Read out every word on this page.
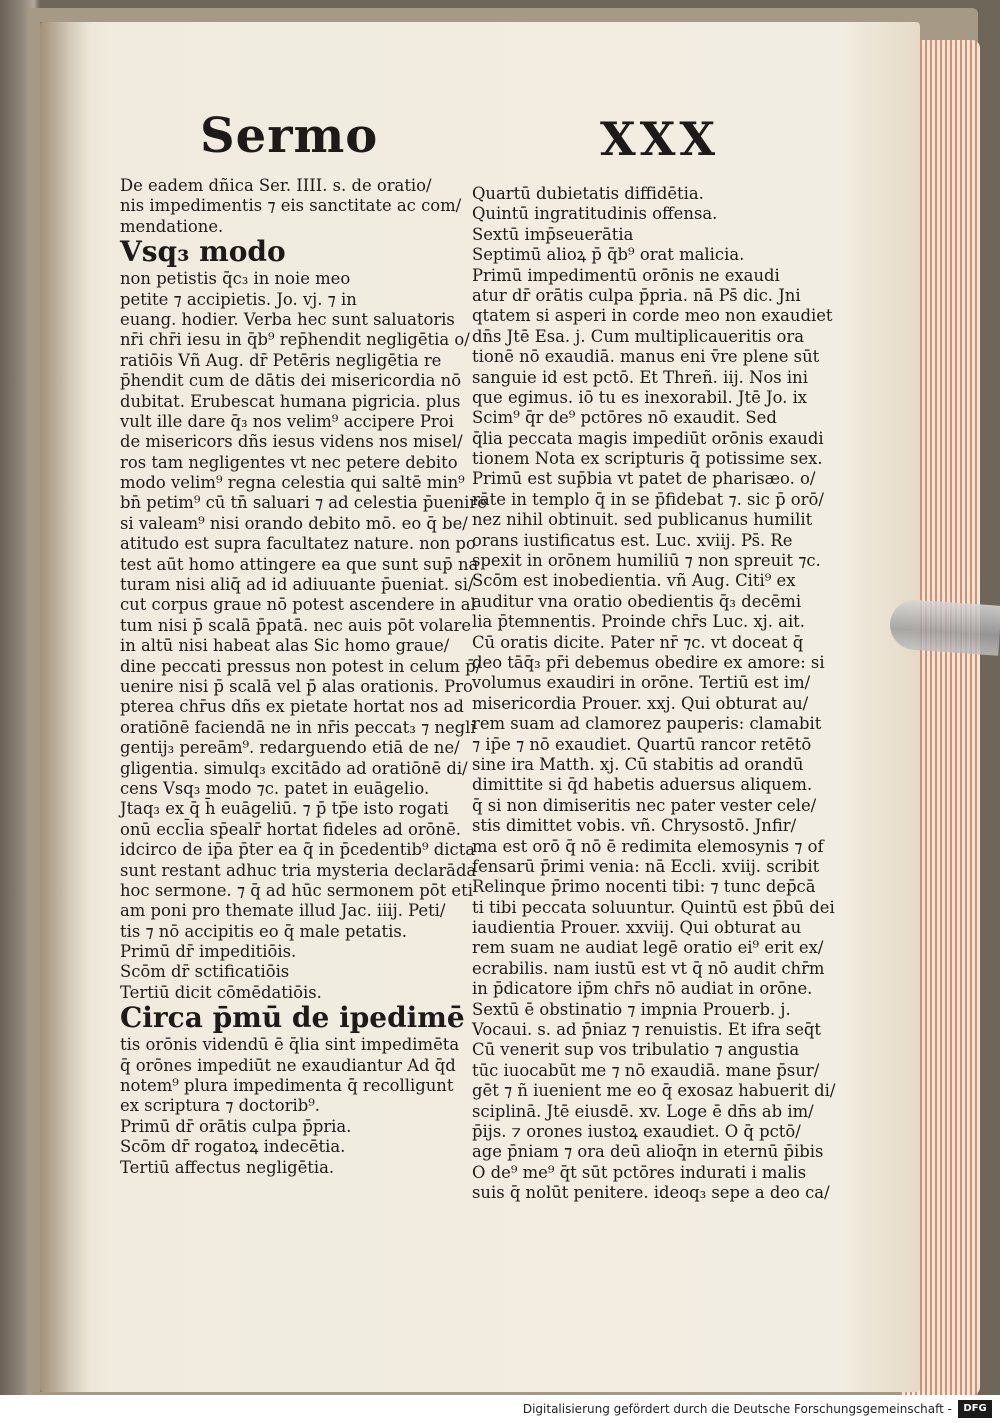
Sermo	XXX
De eadem dñica Ser. IIII. s. de oratio/
nis impedimentis ⁊ eis sanctitate ac com/
mendatione.
Vsq₃ modo
non petistis q̄c₃ in noie meo
petite ⁊ accipietis. Jo. vj. ⁊ in
euang. hodier. Verba hec sunt saluatoris
nr̄i chr̄i iesu in q̄b⁹ rep̄hendit negligētia o/
ratiōis Vñ Aug. dr̄ Petēris negligētia re
p̄hendit cum de dātis dei misericordia nō
dubitat. Erubescat humana pigricia. plus
vult ille dare q̄₃ nos velim⁹ accipere Proi
de misericors dñs iesus videns nos misel/
ros tam negligentes vt nec petere debito
modo velim⁹ regna celestia qui saltē min⁹
bn̄ petim⁹ cū tn̄ saluari ⁊ ad celestia p̄uenire
si valeam⁹ nisi orando debito mō. eo q̄ be/
atitudo est supra facultatez nature. non po
test aūt homo attingere ea que sunt sup̄ na
turam nisi aliq̄ ad id adiuuante p̄ueniat. si/
cut corpus graue nō potest ascendere in al
tum nisi p̄ scalā p̄patā. nec auis pōt volare
in altū nisi habeat alas Sic homo graue/
dine peccati pressus non potest in celum p̄/
uenire nisi p̄ scalā vel p̄ alas orationis. Pro
pterea chr̄us dñs ex pietate hortat nos ad
oratiōnē faciendā ne in nr̄is peccat₃ ⁊ negli
gentij₃ pereām⁹. redarguendo etiā de ne/
gligentia. simulq₃ excitādo ad oratiōnē di/
cens Vsq₃ modo ⁊c. patet in euāgelio.
Jtaq₃ ex q̄ h̄ euāgeliū. ⁊ p̄ tp̄e isto rogati
onū eccl̄ia sp̄ealr̄ hortat fideles ad orōnē.
idcirco de ip̄a p̄ter ea q̄ in p̄cedentib⁹ dicta
sunt restant adhuc tria mysteria declarāda
hoc sermone. ⁊ q̄ ad hūc sermonem pōt eti
am poni pro themate illud Jac. iiij. Peti/
tis ⁊ nō accipitis eo q̄ male petatis.
Primū dr̄ impeditiōis.
Scōm dr̄ sctificatiōis
Tertiū dicit cōmēdatiōis.
Circa p̄mū de ipedimē
tis orōnis videndū ē q̄lia sint impedimēta
q̄ orōnes impediūt ne exaudiantur Ad q̄d
notem⁹ plura impedimenta q̄ recolligunt
ex scriptura ⁊ doctorib⁹.
Primū dr̄ orātis culpa p̄pria.
Scōm dr̄ rogatoꝝ indecētia.
Tertiū affectus negligētia.
Quartū dubietatis diffidētia.
Quintū ingratitudinis offensa.
Sextū imp̄seuerātia
Septimū alioꝝ p̄ q̄b⁹ orat malicia.
Primū impedimentū orōnis ne exaudi
atur dr̄ orātis culpa p̄pria. nā Ps̄ dic. Jni
qtatem si asperi in corde meo non exaudiet
dn̄s Jtē Esa. j. Cum multiplicaueritis ora
tionē nō exaudiā. manus eni v̄re plene sūt
sanguie id est pctō. Et Threñ. iij. Nos ini
que egimus. iō tu es inexorabil. Jtē Jo. ix
Scim⁹ q̄r de⁹ pctōres nō exaudit. Sed
q̄lia peccata magis impediūt orōnis exaudi
tionem Nota ex scripturis q̄ potissime sex.
Primū est sup̄bia vt patet de pharisæo. o/
rāte in templo q̄ in se p̄fidebat ⁊. sic p̄ orō/
nez nihil obtinuit. sed publicanus humilit
orans iustificatus est. Luc. xviij. Ps̄. Re
spexit in orōnem humiliū ⁊ non spreuit ⁊c.
Scōm est inobedientia. vñ Aug. Citi⁹ ex
auditur vna oratio obedientis q̄₃ decēmi
lia p̄temnentis. Proinde chr̄s Luc. xj. ait.
Cū oratis dicite. Pater nr̄ ⁊c. vt doceat q̄
deo tāq̄₃ pr̄i debemus obedire ex amore: si
volumus exaudiri in orōne. Tertiū est im/
misericordia Prouer. xxj. Qui obturat au/
rem suam ad clamorez pauperis: clamabit
⁊ ip̄e ⁊ nō exaudiet. Quartū rancor retētō
sine ira Matth. xj. Cū stabitis ad orandū
dimittite si q̄d habetis aduersus aliquem.
q̄ si non dimiseritis nec pater vester cele/
stis dimittet vobis. vñ. Chrysostō. Jnfir/
ma est orō q̄ nō ē redimita elemosynis ⁊ of
fensarū p̄rimi venia: nā Eccli. xviij. scribit
Relinque p̄rimo nocenti tibi: ⁊ tunc dep̄cā
ti tibi peccata soluuntur. Quintū est p̄bū dei
iaudientia Prouer. xxviij. Qui obturat au
rem suam ne audiat legē oratio ei⁹ erit ex/
ecrabilis. nam iustū est vt q̄ nō audit chr̄m
in p̄dicatore ip̄m chr̄s nō audiat in orōne.
Sextū ē obstinatio ⁊ impnia Prouerb. j.
Vocaui. s. ad p̄niaz ⁊ renuistis. Et ifra seq̄t
Cū venerit sup vos tribulatio ⁊ angustia
tūc iuocabūt me ⁊ nō exaudiā. mane p̄sur/
gēt ⁊ ñ iuenient me eo q̄ exosaz habuerit di/
sciplinā. Jtē eiusdē. xv. Loge ē dn̄s ab im/
p̄ijs. ⁊ orones iustoꝝ exaudiet. O q̄ pctō/
age p̄niam ⁊ ora deū alioq̄n in eternū p̄ibis
O de⁹ me⁹ q̄t sūt pctōres indurati i malis
suis q̄ nolūt penitere. ideoq₃ sepe a deo ca/
Digitalisierung gefördert durch die Deutsche Forschungsgemeinschaft -	DFG
